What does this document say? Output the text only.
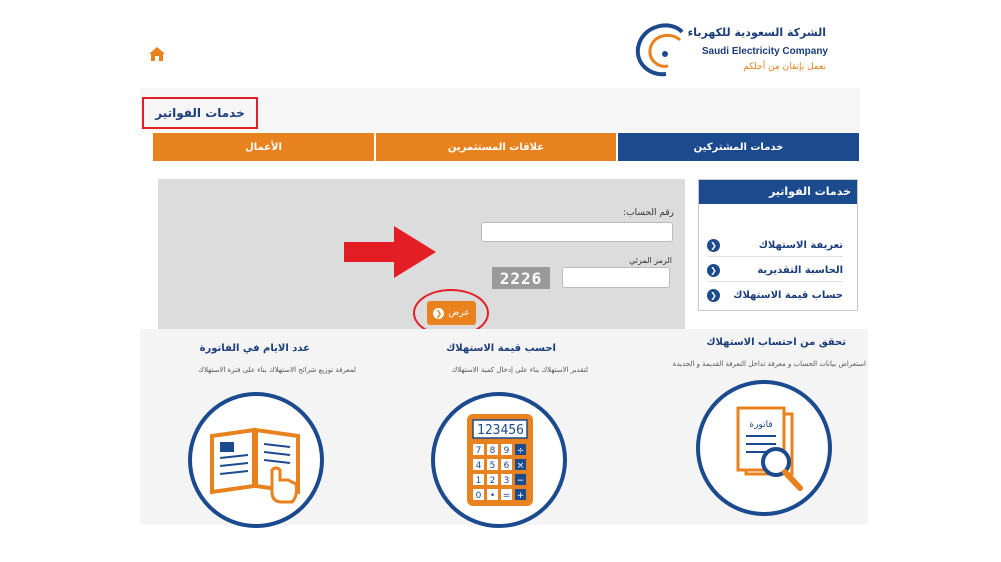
الشركة السعودية للكهرباء
Saudi Electricity Company
نعمل بإتقان من أجلكم
خدمات الفواتير
الأعمال	علاقات المستثمرين	خدمات المشتركين
رقم الحساب:
الرمز المرئي
2226
عرض
❮
خدمات الفواتير
تعريفة الاستهلاك
❮
الحاسبة التقديرية
❮
حساب قيمة الاستهلاك
❮
تحقق من احتساب الاستهلاك
استعراض بيانات الحساب و معرفة تداخل التعرفة القديمة و الجديدة
فاتورة
احسب قيمة الاستهلاك
لتقدير الاستهلاك بناء على إدخال كمية الاستهلاك
123456
7 8 9 ÷
4 5 6 ×
1 2 3 −
0 • = +
عدد الايام في الفاتورة
لمعرفة توزيع شرائح الاستهلاك بناء على فترة الاستهلاك
